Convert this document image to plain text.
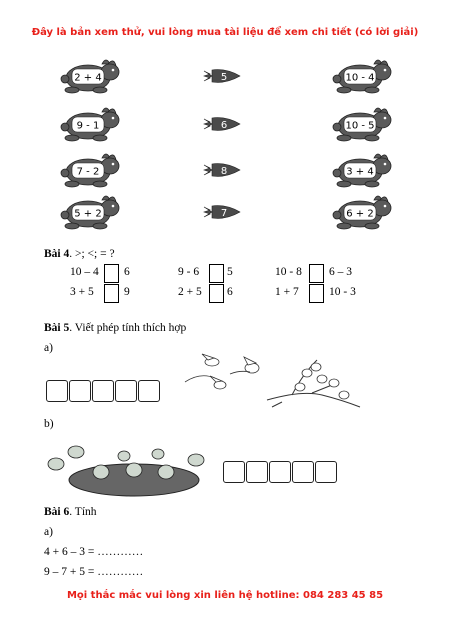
Đây là bản xem thử, vui lòng mua tài liệu để xem chi tiết (có lời giải)
Bài 4. >; <; = ?
Bài 5. Viết phép tính thích hợp
a)
b)
Bài 6. Tính
a)
4 + 6 – 3 = …………
9 – 7 + 5 = …………
Mọi thắc mắc vui lòng xin liên hệ hotline: 084 283 45 85
2 + 4
9 - 1
7 - 2
5 + 2
5
6
8
7
10 - 4
10 - 5
3 + 4
6 + 2
10 – 4 6	9 - 6 5	10 - 8 6 – 3
3 + 5	9	2 + 5 6	1 + 7	10 - 3
